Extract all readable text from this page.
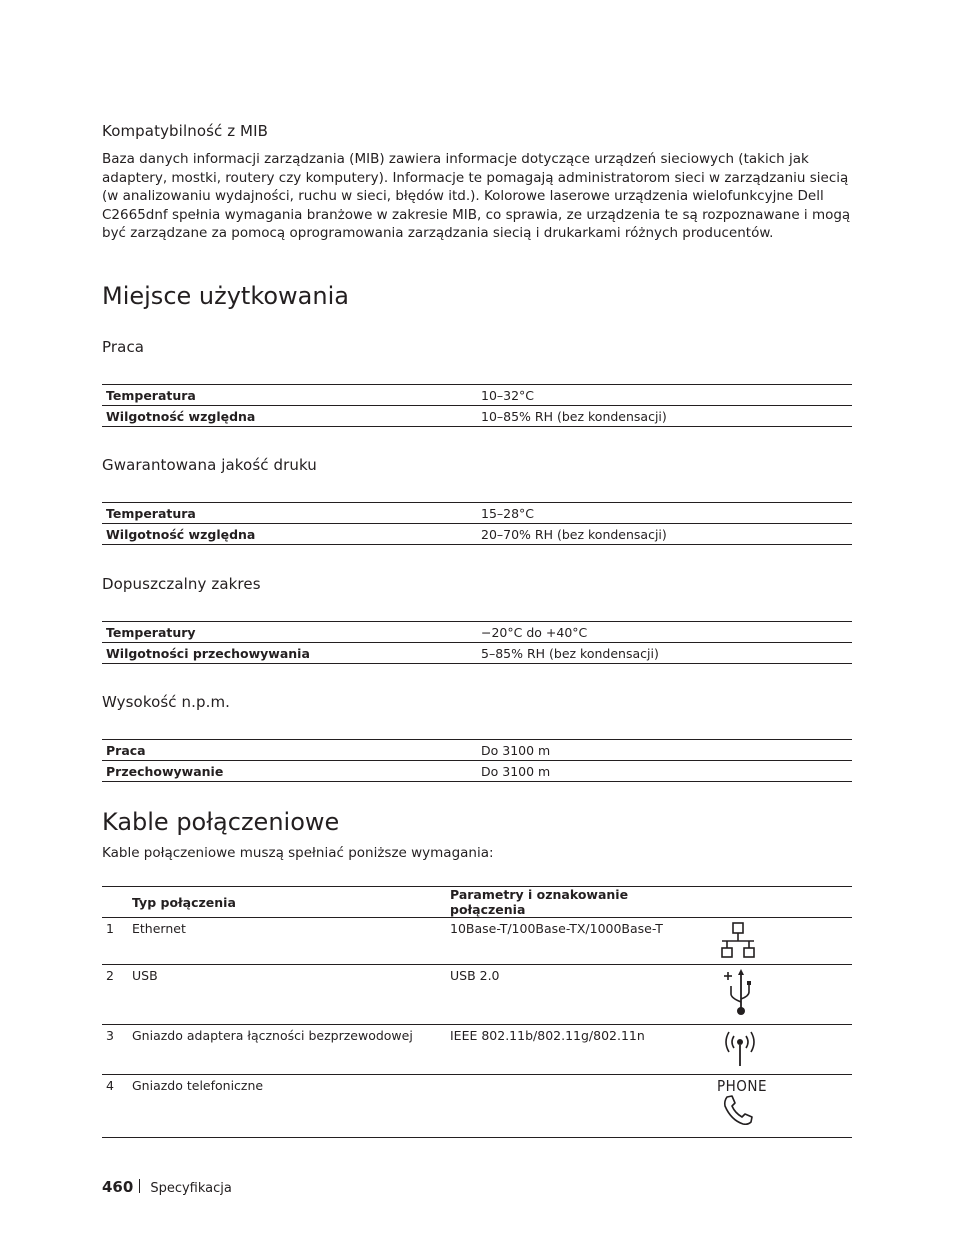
Kompatybilność z MIB

Baza danych informacji zarządzania (MIB) zawiera informacje dotyczące urządzeń sieciowych (takich jak adaptery, mostki, routery czy komputery). Informacje te pomagają administratorom sieci w zarządzaniu siecią (w analizowaniu wydajności, ruchu w sieci, błędów itd.). Kolorowe laserowe urządzenia wielofunkcyjne Dell C2665dnf spełnia wymagania branżowe w zakresie MIB, co sprawia, ze urządzenia te są rozpoznawane i mogą być zarządzane za pomocą oprogramowania zarządzania siecią i drukarkami różnych producentów.

Miejsce użytkowania
Praca
Temperatura	10–32°C
Wilgotność względna	10–85% RH (bez kondensacji)
Gwarantowana jakość druku
Temperatura	15–28°C
Wilgotność względna	20–70% RH (bez kondensacji)
Dopuszczalny zakres
Temperatury	−20°C do +40°C
Wilgotności przechowywania	5–85% RH (bez kondensacji)
Wysokość n.p.m.
Praca	Do 3100 m
Przechowywanie	Do 3100 m
Kable połączeniowe

Kable połączeniowe muszą spełniać poniższe wymagania:

	Typ połączenia	Parametry i oznakowanie połączenia	
1	Ethernet	10Base-T/100Base-TX/1000Base-T	

2	USB	USB 2.0	

3	Gniazdo adaptera łączności bezprzewodowej	IEEE 802.11b/802.11g/802.11n	

4	Gniazdo telefoniczne		PHONE
460 Specyfikacja
